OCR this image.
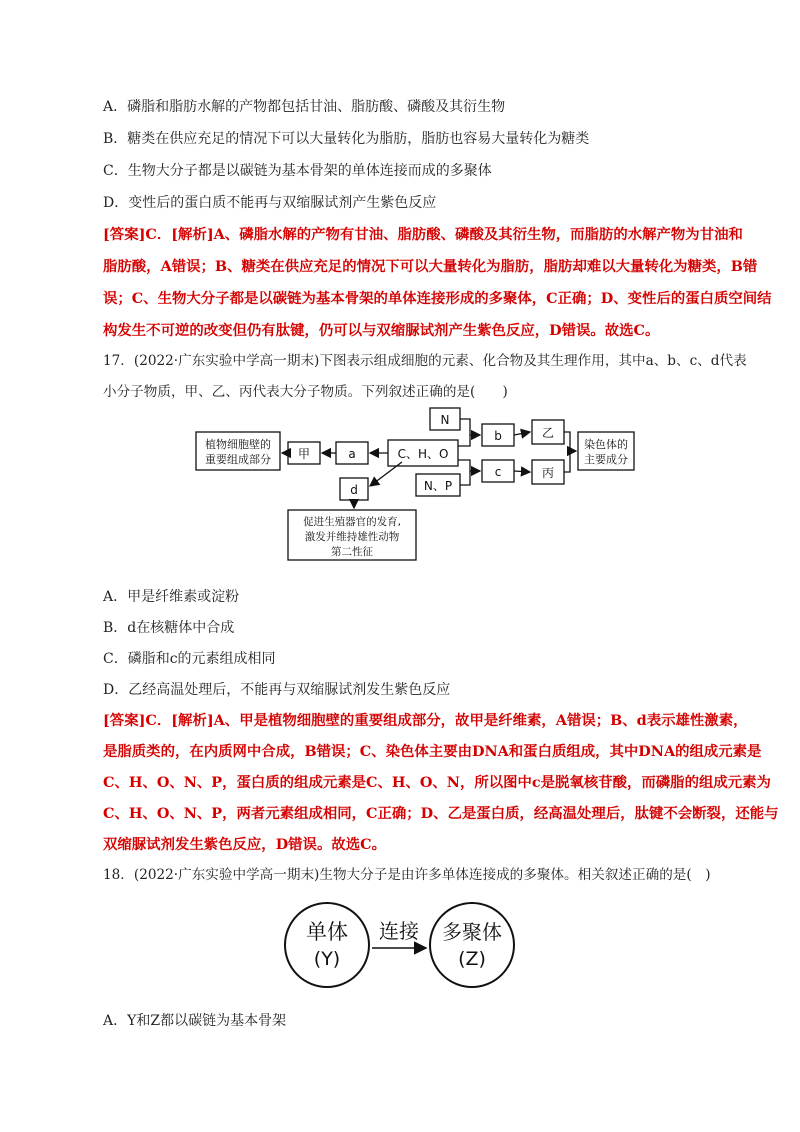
A．磷脂和脂肪水解的产物都包括甘油、脂肪酸、磷酸及其衍生物
B．糖类在供应充足的情况下可以大量转化为脂肪，脂肪也容易大量转化为糖类
C．生物大分子都是以碳链为基本骨架的单体连接而成的多聚体
D．变性后的蛋白质不能再与双缩脲试剂产生紫色反应
[答案]C．[解析]A、磷脂水解的产物有甘油、脂肪酸、磷酸及其衍生物，而脂肪的水解产物为甘油和
脂肪酸，A错误；B、糖类在供应充足的情况下可以大量转化为脂肪，脂肪却难以大量转化为糖类，B错
误；C、生物大分子都是以碳链为基本骨架的单体连接形成的多聚体，C正确；D、变性后的蛋白质空间结
构发生不可逆的改变但仍有肽键，仍可以与双缩脲试剂产生紫色反应，D错误。故选C。
17．(2022·广东实验中学高一期末)下图表示组成细胞的元素、化合物及其生理作用，其中a、b、c、d代表
小分子物质，甲、乙、丙代表大分子物质。下列叙述正确的是(　　)
植物细胞壁的
重要组成部分 甲	a	C、H、O
N
N、P
b
c
乙
丙
染色体的
主要成分
d
促进生殖器官的发育,
激发并维持雄性动物
第二性征
A．甲是纤维素或淀粉
B．d在核糖体中合成
C．磷脂和c的元素组成相同
D．乙经高温处理后，不能再与双缩脲试剂发生紫色反应
[答案]C．[解析]A、甲是植物细胞壁的重要组成部分，故甲是纤维素，A错误；B、d表示雄性激素，
是脂质类的，在内质网中合成，B错误；C、染色体主要由DNA和蛋白质组成，其中DNA的组成元素是
C、H、O、N、P，蛋白质的组成元素是C、H、O、N，所以图中c是脱氧核苷酸，而磷脂的组成元素为
C、H、O、N、P，两者元素组成相同，C正确；D、乙是蛋白质，经高温处理后，肽键不会断裂，还能与
双缩脲试剂发生紫色反应，D错误。故选C。
18．(2022·广东实验中学高一期末)生物大分子是由许多单体连接成的多聚体。相关叙述正确的是(　)
单体
(Y)
连接 多聚体
(Z)
A．Y和Z都以碳链为基本骨架
